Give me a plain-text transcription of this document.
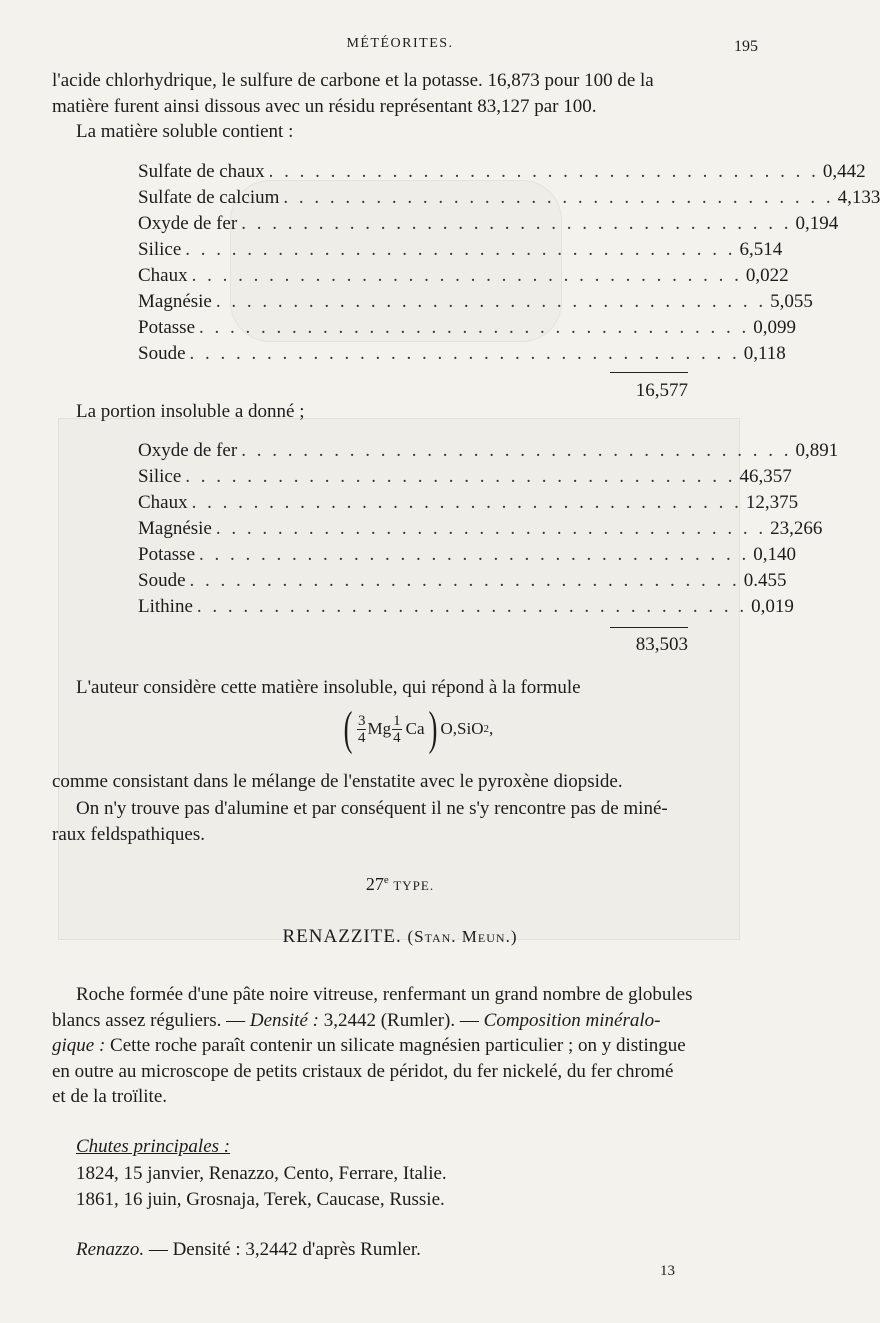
MÉTÉORITES.	195

l'acide chlorhydrique, le sulfure de carbone et la potasse. 16,873 pour 100 de la

matière furent ainsi dissous avec un résidu représentant 83,127 par 100.

La matière soluble contient :

Sulfate de chaux . . . . . . . . . . . . . . . . . . . . . . . . . . . . . . . . . . . . 0,442
Sulfate de calcium . . . . . . . . . . . . . . . . . . . . . . . . . . . . . . . . . . . . 4,133
Oxyde de fer . . . . . . . . . . . . . . . . . . . . . . . . . . . . . . . . . . . . 0,194
Silice . . . . . . . . . . . . . . . . . . . . . . . . . . . . . . . . . . . . 6,514
Chaux . . . . . . . . . . . . . . . . . . . . . . . . . . . . . . . . . . . . 0,022
Magnésie . . . . . . . . . . . . . . . . . . . . . . . . . . . . . . . . . . . . 5,055
Potasse . . . . . . . . . . . . . . . . . . . . . . . . . . . . . . . . . . . . 0,099
Soude . . . . . . . . . . . . . . . . . . . . . . . . . . . . . . . . . . . . 0,118
16,577

La portion insoluble a donné ;

Oxyde de fer . . . . . . . . . . . . . . . . . . . . . . . . . . . . . . . . . . . . 0,891
Silice . . . . . . . . . . . . . . . . . . . . . . . . . . . . . . . . . . . . 46,357
Chaux . . . . . . . . . . . . . . . . . . . . . . . . . . . . . . . . . . . . 12,375
Magnésie . . . . . . . . . . . . . . . . . . . . . . . . . . . . . . . . . . . . 23,266
Potasse . . . . . . . . . . . . . . . . . . . . . . . . . . . . . . . . . . . . 0,140
Soude . . . . . . . . . . . . . . . . . . . . . . . . . . . . . . . . . . . . 0.455
Lithine . . . . . . . . . . . . . . . . . . . . . . . . . . . . . . . . . . . . 0,019
83,503

L'auteur considère cette matière insoluble, qui répond à la formule

( $\frac{3}{4}$ Mg $\frac{1}{4}$ Ca ) O,SiO 2 ,

comme consistant dans le mélange de l'enstatite avec le pyroxène diopside.

On n'y trouve pas d'alumine et par conséquent il ne s'y rencontre pas de miné-

raux feldspathiques.

27e TYPE.
RENAZZITE. (Stan. Meun.)

Roche formée d'une pâte noire vitreuse, renfermant un grand nombre de globules

blancs assez réguliers. — Densité : 3,2442 (Rumler). — Composition minéralo-

gique : Cette roche paraît contenir un silicate magnésien particulier ; on y distingue

en outre au microscope de petits cristaux de péridot, du fer nickelé, du fer chromé

et de la troïlite.

Chutes principales :

1824, 15 janvier, Renazzo, Cento, Ferrare, Italie.

1861, 16 juin, Grosnaja, Terek, Caucase, Russie.

Renazzo. — Densité : 3,2442 d'après Rumler.

13
